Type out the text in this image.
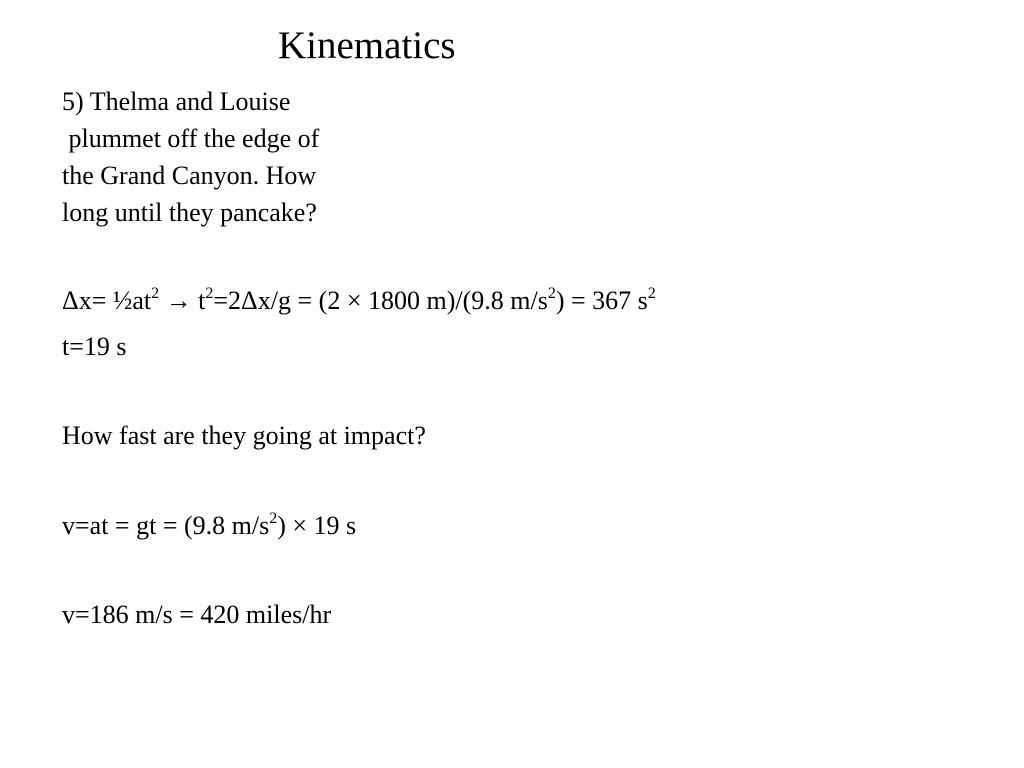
Kinematics
5) Thelma and Louise
plummet off the edge of
the Grand Canyon. How
long until they pancake?
$\Delta x= \frac{1}{2}at^2 \to t^2=2\Delta x/g = (2 \times 1800$ m)/(9.8 $m/s^2) = 367$ $s^2$
t=19 s
How fast are they going at impact?
v=at = gt = (9.8 $m/s^2) \times 19$ s
v=186 m/s = 420 miles/hr
